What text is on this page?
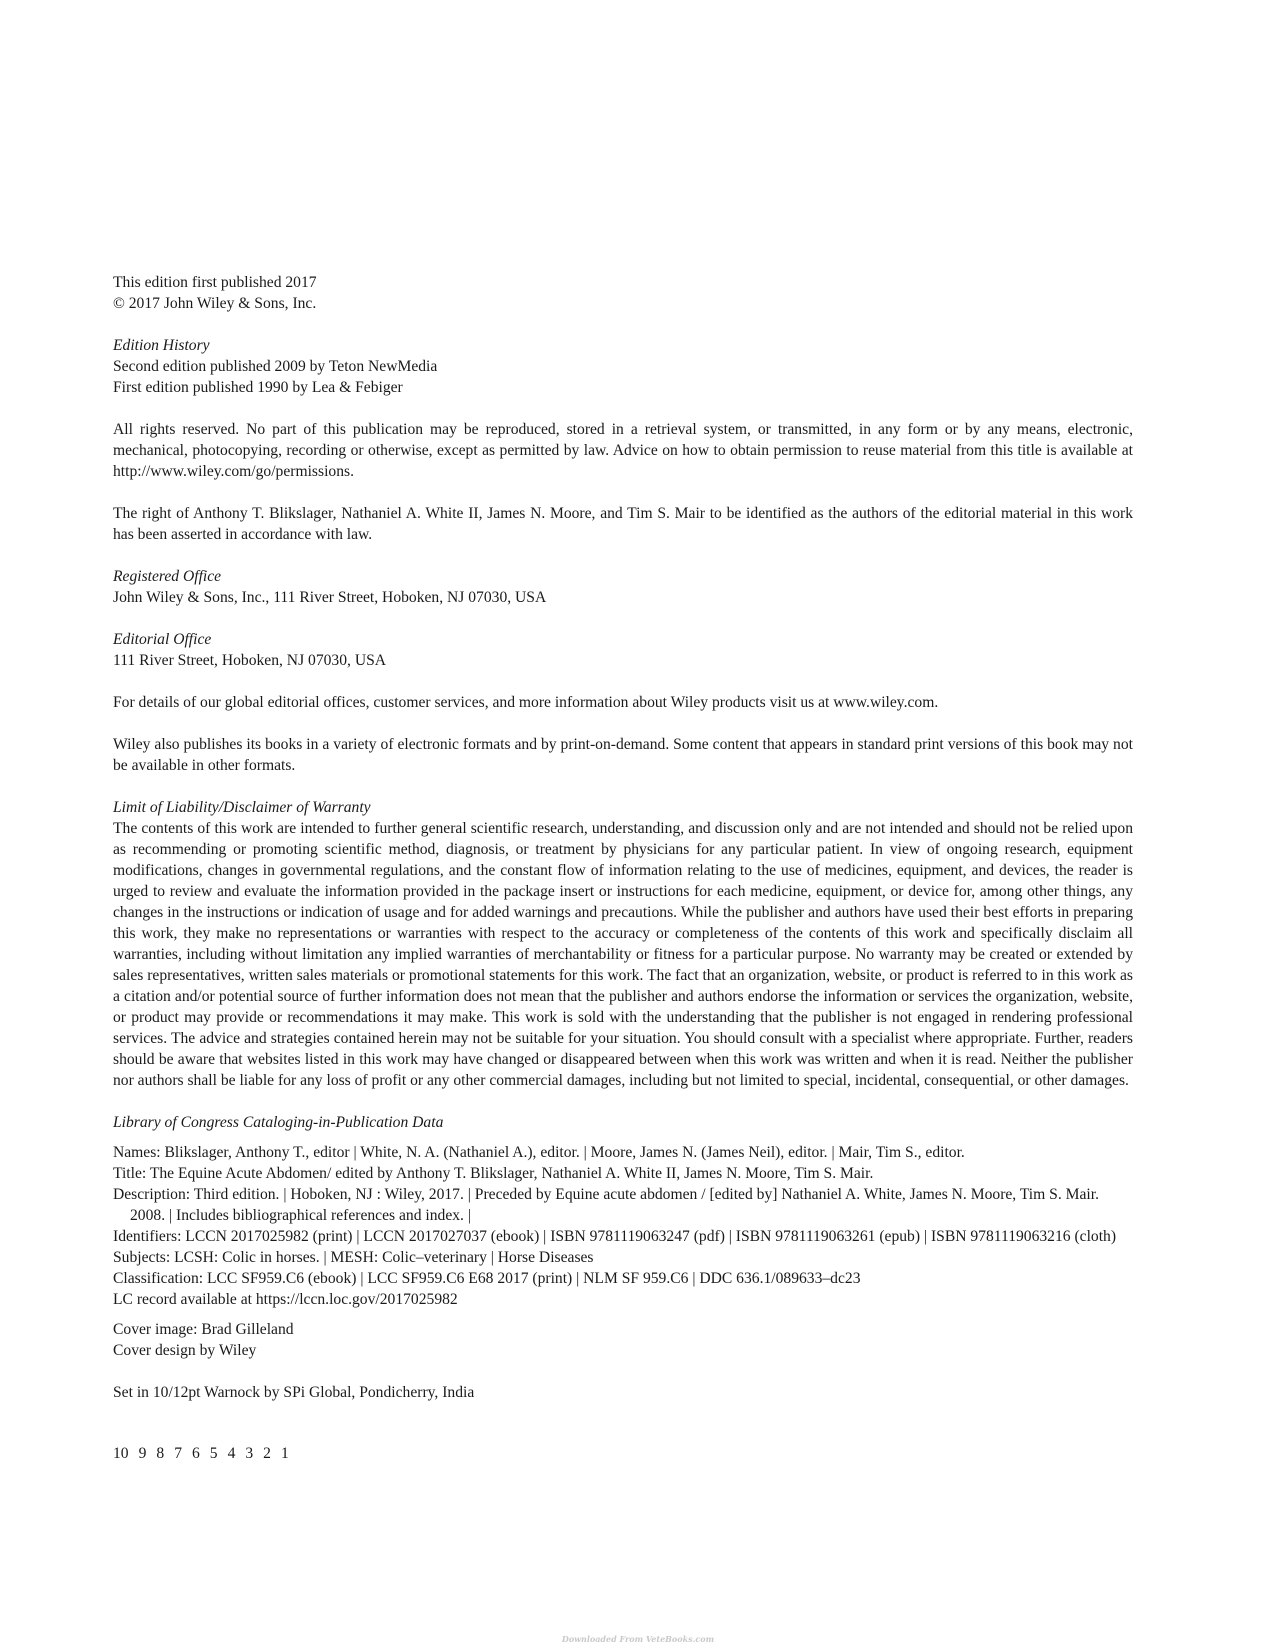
This edition first published 2017
© 2017 John Wiley & Sons, Inc.
Edition History
Second edition published 2009 by Teton NewMedia
First edition published 1990 by Lea & Febiger
All rights reserved. No part of this publication may be reproduced, stored in a retrieval system, or transmitted, in any form or by any means, electronic, mechanical, photocopying, recording or otherwise, except as permitted by law. Advice on how to obtain permission to reuse material from this title is available at http://www.wiley.com/go/permissions.
The right of Anthony T. Blikslager, Nathaniel A. White II, James N. Moore, and Tim S. Mair to be identified as the authors of the editorial material in this work has been asserted in accordance with law.
Registered Office
John Wiley & Sons, Inc., 111 River Street, Hoboken, NJ 07030, USA
Editorial Office
111 River Street, Hoboken, NJ 07030, USA
For details of our global editorial offices, customer services, and more information about Wiley products visit us at www.wiley.com.
Wiley also publishes its books in a variety of electronic formats and by print-on-demand. Some content that appears in standard print versions of this book may not be available in other formats.
Limit of Liability/Disclaimer of Warranty
The contents of this work are intended to further general scientific research, understanding, and discussion only and are not intended and should not be relied upon as recommending or promoting scientific method, diagnosis, or treatment by physicians for any particular patient. In view of ongoing research, equipment modifications, changes in governmental regulations, and the constant flow of information relating to the use of medicines, equipment, and devices, the reader is urged to review and evaluate the information provided in the package insert or instructions for each medicine, equipment, or device for, among other things, any changes in the instructions or indication of usage and for added warnings and precautions. While the publisher and authors have used their best efforts in preparing this work, they make no representations or warranties with respect to the accuracy or completeness of the contents of this work and specifically disclaim all warranties, including without limitation any implied warranties of merchantability or fitness for a particular purpose. No warranty may be created or extended by sales representatives, written sales materials or promotional statements for this work. The fact that an organization, website, or product is referred to in this work as a citation and/or potential source of further information does not mean that the publisher and authors endorse the information or services the organization, website, or product may provide or recommendations it may make. This work is sold with the understanding that the publisher is not engaged in rendering professional services. The advice and strategies contained herein may not be suitable for your situation. You should consult with a specialist where appropriate. Further, readers should be aware that websites listed in this work may have changed or disappeared between when this work was written and when it is read. Neither the publisher nor authors shall be liable for any loss of profit or any other commercial damages, including but not limited to special, incidental, consequential, or other damages.
Library of Congress Cataloging-in-Publication Data
Names: Blikslager, Anthony T., editor | White, N. A. (Nathaniel A.), editor. | Moore, James N. (James Neil), editor. | Mair, Tim S., editor.
Title: The Equine Acute Abdomen/ edited by Anthony T. Blikslager, Nathaniel A. White II, James N. Moore, Tim S. Mair.
Description: Third edition. | Hoboken, NJ : Wiley, 2017. | Preceded by Equine acute abdomen / [edited by] Nathaniel A. White, James N. Moore, Tim S. Mair. 2008. | Includes bibliographical references and index. |
Identifiers: LCCN 2017025982 (print) | LCCN 2017027037 (ebook) | ISBN 9781119063247 (pdf) | ISBN 9781119063261 (epub) | ISBN 9781119063216 (cloth)
Subjects: LCSH: Colic in horses. | MESH: Colic–veterinary | Horse Diseases
Classification: LCC SF959.C6 (ebook) | LCC SF959.C6 E68 2017 (print) | NLM SF 959.C6 | DDC 636.1/089633–dc23
LC record available at https://lccn.loc.gov/2017025982
Cover image: Brad Gilleland
Cover design by Wiley
Set in 10/12pt Warnock by SPi Global, Pondicherry, India
10 9 8 7 6 5 4 3 2 1
Downloaded From VeteBooks.com
